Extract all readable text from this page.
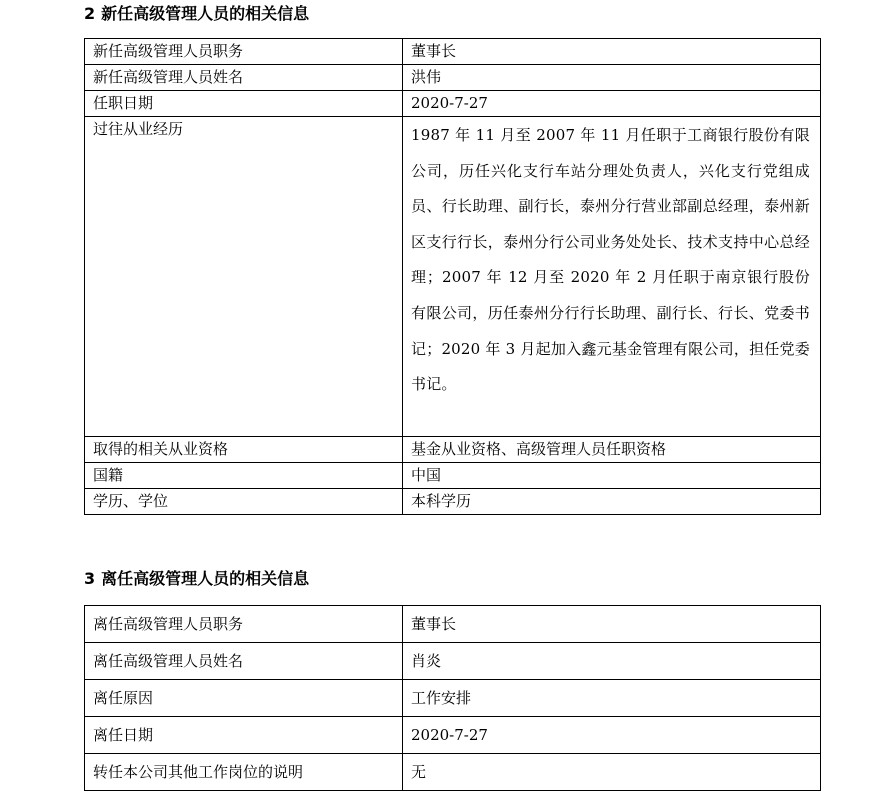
2 新任高级管理人员的相关信息
新任高级管理人员职务	董事长
新任高级管理人员姓名	洪伟
任职日期	2020-7-27
过往从业经历	1987 年 11 月至 2007 年 11 月任职于工商银行股份有限公司，历任兴化支行车站分理处负责人，兴化支行党组成员、行长助理、副行长，泰州分行营业部副总经理，泰州新区支行行长，泰州分行公司业务处处长、技术支持中心总经理；2007 年 12 月至 2020 年 2 月任职于南京银行股份有限公司，历任泰州分行行长助理、副行长、行长、党委书记；2020 年 3 月起加入鑫元基金管理有限公司，担任党委书记。
取得的相关从业资格	基金从业资格、高级管理人员任职资格
国籍	中国
学历、学位	本科学历
3 离任高级管理人员的相关信息
离任高级管理人员职务	董事长
离任高级管理人员姓名	肖炎
离任原因	工作安排
离任日期	2020-7-27
转任本公司其他工作岗位的说明	无
